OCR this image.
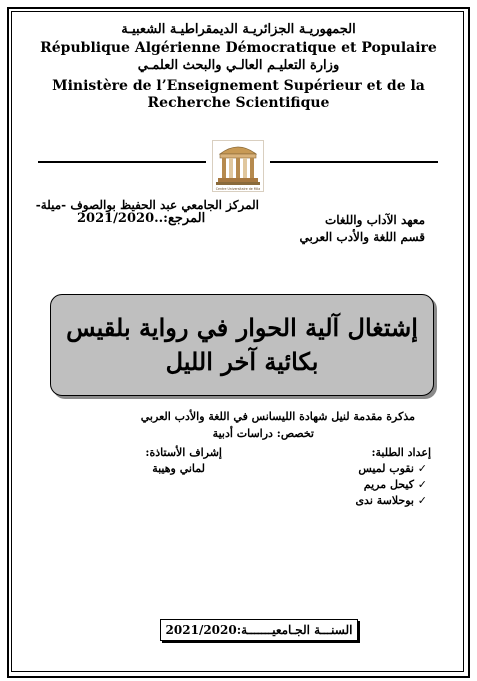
الجمهوريـة الجزائريـة الديمقراطيـة الشعبيـة
République Algérienne Démocratique et Populaire
وزارة التعليـم العالـي والبحث العلمـي
Ministère de l’Enseignement Supérieur et de la Recherche Scientifique
Centre Universitaire de Mila
المركز الجامعي عبد الحفيظ بوالصوف -ميلة-
معهد الآداب واللغات
المرجع:..2021/2020
قسم اللغة والأدب العربي
إشتغال آلية الحوار في رواية بلقيس
بكائية آخر الليل
مذكرة مقدمة لنيل شهادة الليسانس في اللغة والأدب العربي
تخصص: دراسات أدبية
إعداد الطلبة:
إشراف الأستاذة:
✓ نقوب لميس
✓ كيحل مريم
✓ بوحلاسة ندى
لماني وهيبة
السنـــة الجـامعيـــــــة:2021/2020
